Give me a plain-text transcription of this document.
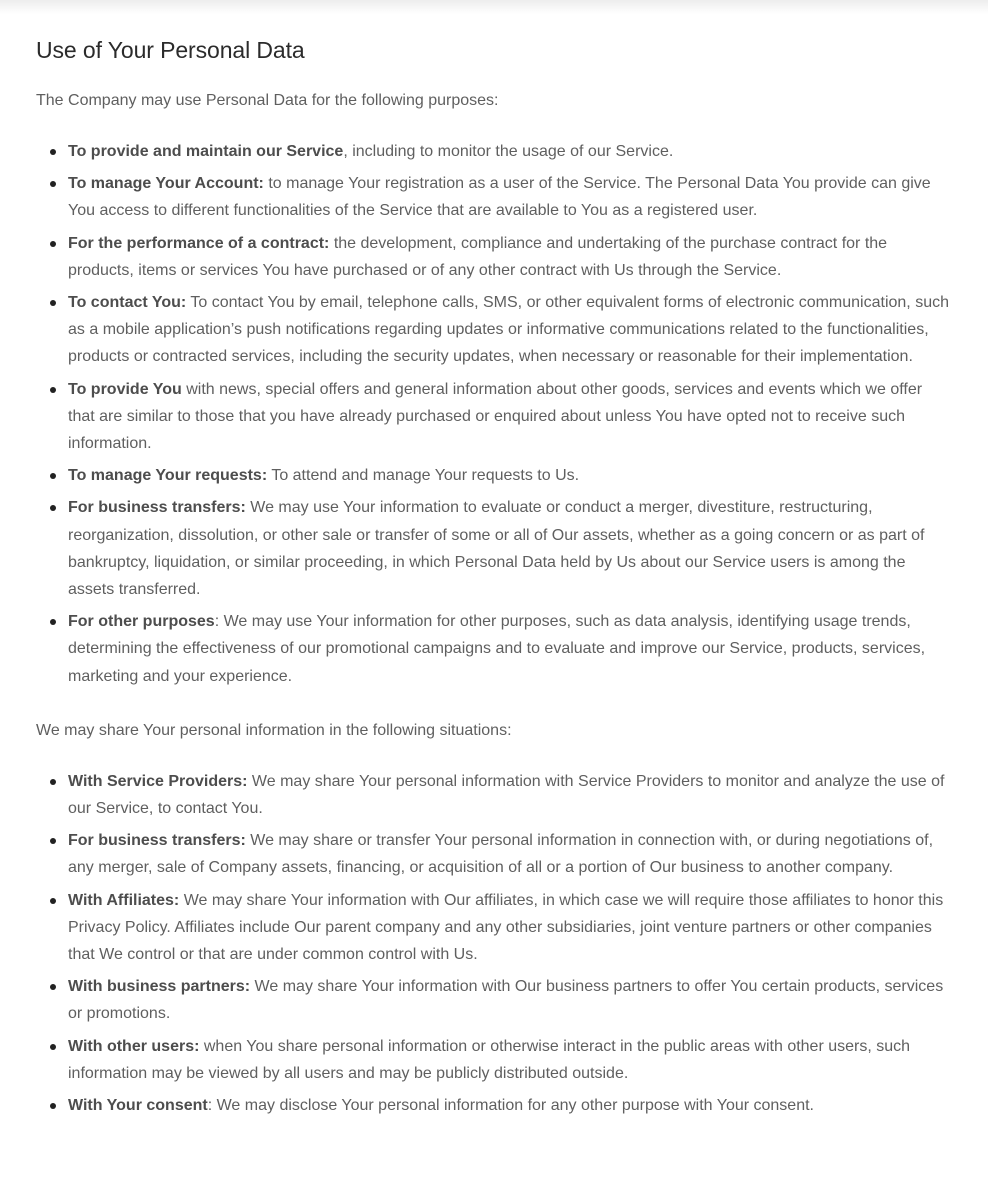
Use of Your Personal Data

The Company may use Personal Data for the following purposes:

To provide and maintain our Service, including to monitor the usage of our Service.
To manage Your Account: to manage Your registration as a user of the Service. The Personal Data You provide can give You access to different functionalities of the Service that are available to You as a registered user.
For the performance of a contract: the development, compliance and undertaking of the purchase contract for the products, items or services You have purchased or of any other contract with Us through the Service.
To contact You: To contact You by email, telephone calls, SMS, or other equivalent forms of electronic communication, such as a mobile application’s push notifications regarding updates or informative communications related to the functionalities, products or contracted services, including the security updates, when necessary or reasonable for their implementation.
To provide You with news, special offers and general information about other goods, services and events which we offer that are similar to those that you have already purchased or enquired about unless You have opted not to receive such information.
To manage Your requests: To attend and manage Your requests to Us.
For business transfers: We may use Your information to evaluate or conduct a merger, divestiture, restructuring, reorganization, dissolution, or other sale or transfer of some or all of Our assets, whether as a going concern or as part of bankruptcy, liquidation, or similar proceeding, in which Personal Data held by Us about our Service users is among the assets transferred.
For other purposes: We may use Your information for other purposes, such as data analysis, identifying usage trends, determining the effectiveness of our promotional campaigns and to evaluate and improve our Service, products, services, marketing and your experience.

We may share Your personal information in the following situations:

With Service Providers: We may share Your personal information with Service Providers to monitor and analyze the use of our Service, to contact You.
For business transfers: We may share or transfer Your personal information in connection with, or during negotiations of, any merger, sale of Company assets, financing, or acquisition of all or a portion of Our business to another company.
With Affiliates: We may share Your information with Our affiliates, in which case we will require those affiliates to honor this Privacy Policy. Affiliates include Our parent company and any other subsidiaries, joint venture partners or other companies that We control or that are under common control with Us.
With business partners: We may share Your information with Our business partners to offer You certain products, services or promotions.
With other users: when You share personal information or otherwise interact in the public areas with other users, such information may be viewed by all users and may be publicly distributed outside.
With Your consent: We may disclose Your personal information for any other purpose with Your consent.
